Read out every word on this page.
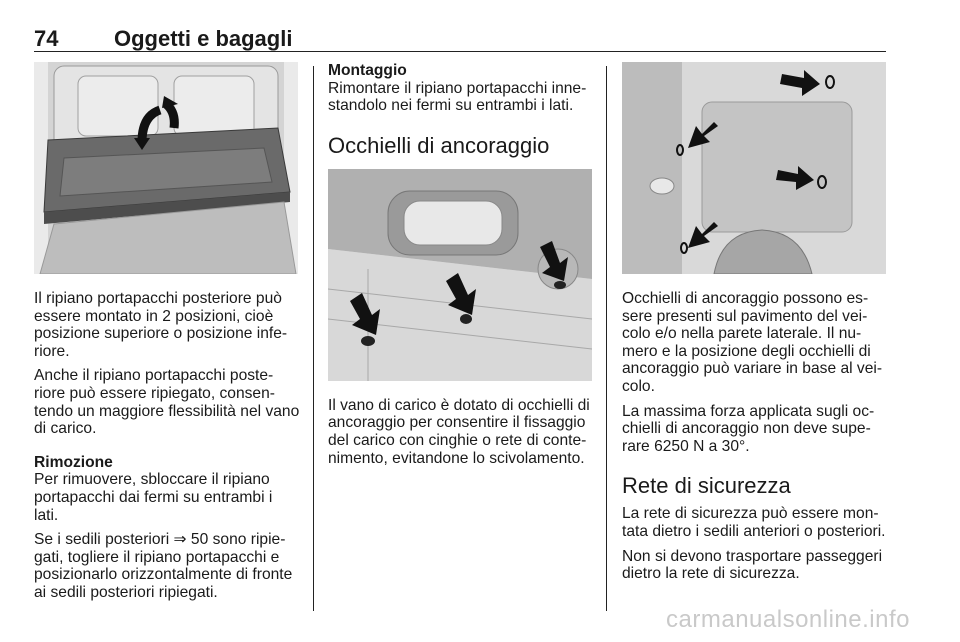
74	Oggetti e bagagli

Il ripiano portapacchi posteriore può essere montato in 2 posizioni, cioè posizione superiore o posizione infe-riore.

Anche il ripiano portapacchi poste-riore può essere ripiegato, consen-tendo un maggiore flessibilità nel vano di carico.

Rimozione

Per rimuovere, sbloccare il ripiano portapacchi dai fermi su entrambi i lati.

Se i sedili posteriori ⇒ 50 sono ripie-gati, togliere il ripiano portapacchi e posizionarlo orizzontalmente di fronte ai sedili posteriori ripiegati.

Montaggio

Rimontare il ripiano portapacchi inne-standolo nei fermi su entrambi i lati.

Occhielli di ancoraggio

Il vano di carico è dotato di occhielli di ancoraggio per consentire il fissaggio del carico con cinghie o rete di conte-nimento, evitandone lo scivolamento.

Occhielli di ancoraggio possono es-sere presenti sul pavimento del vei-colo e/o nella parete laterale. Il nu-mero e la posizione degli occhielli di ancoraggio può variare in base al vei-colo.

La massima forza applicata sugli oc-chielli di ancoraggio non deve supe-rare 6250 N a 30°.

Rete di sicurezza

La rete di sicurezza può essere mon-tata dietro i sedili anteriori o posteriori.

Non si devono trasportare passeggeri dietro la rete di sicurezza.

carmanualsonline.info
